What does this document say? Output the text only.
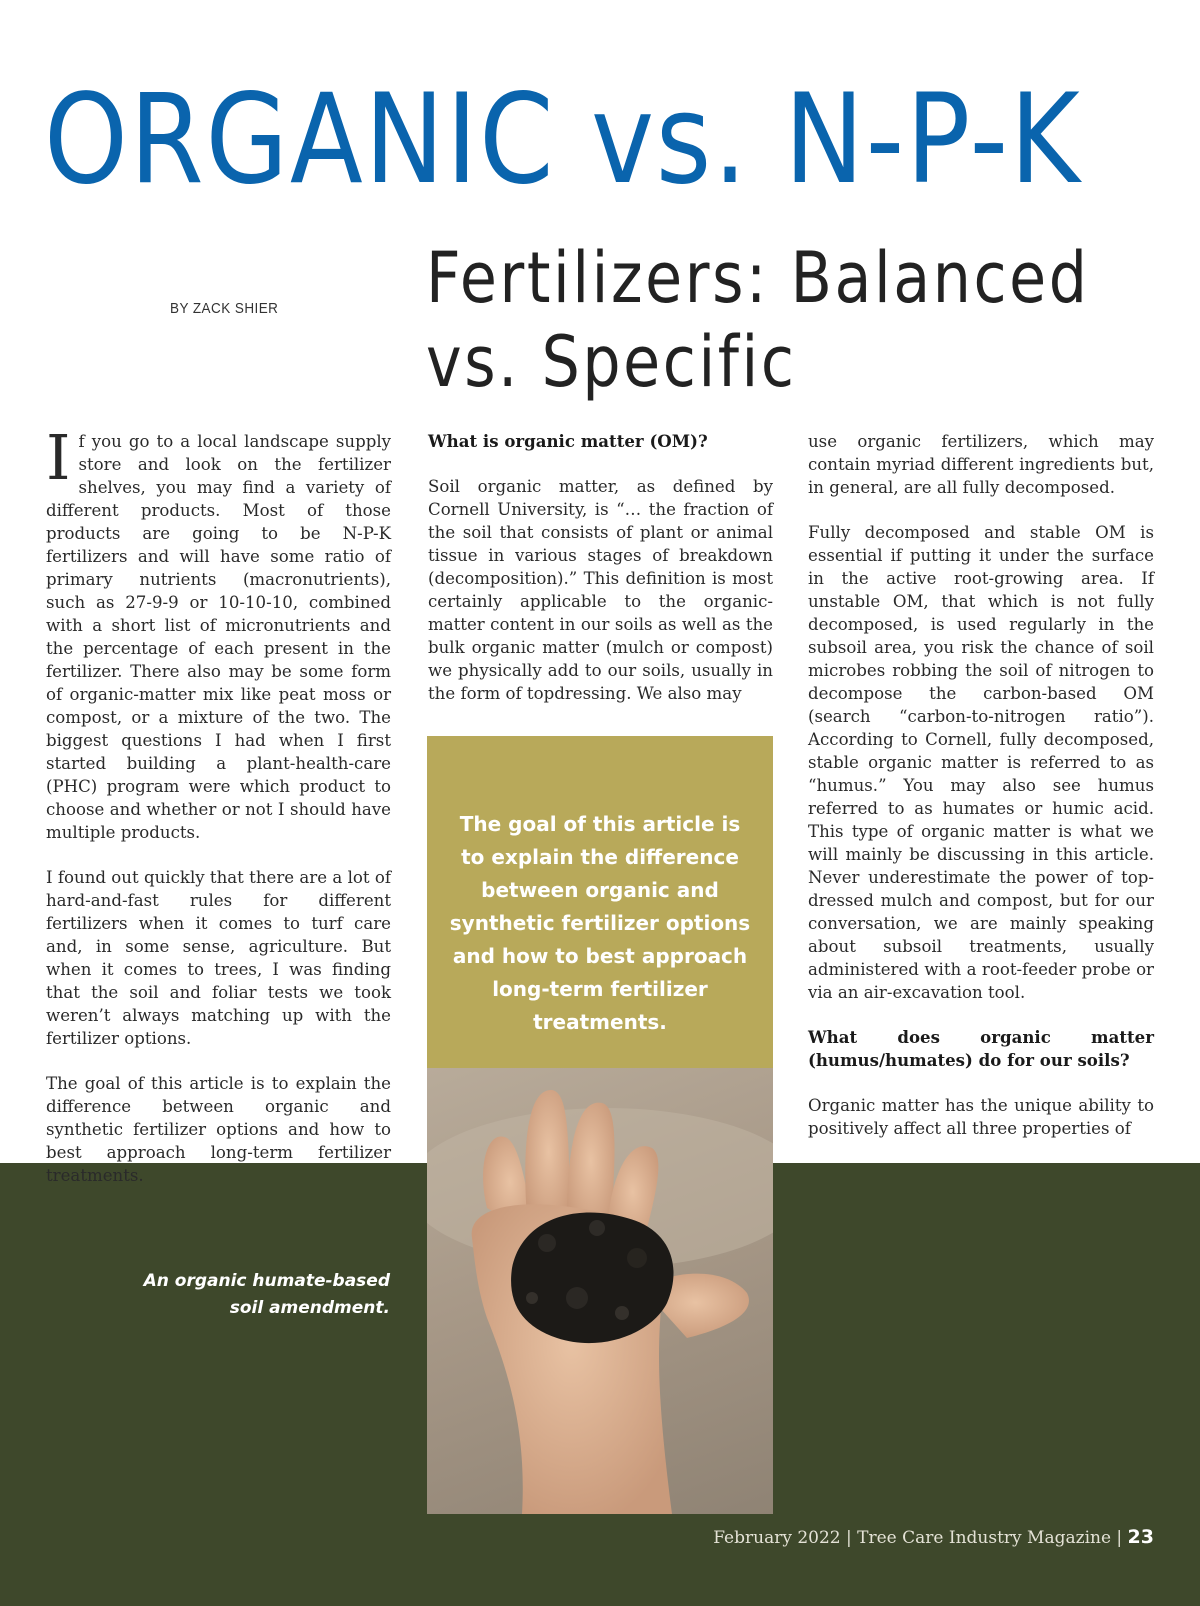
ORGANIC vs. N-P-K
Fertilizers: Balanced
vs. Specific
BY ZACK SHIER

If you go to a local landscape supply store and look on the fertilizer shelves, you may find a variety of different products. Most of those products are going to be N-P-K fertilizers and will have some ratio of primary nutrients (macronutrients), such as 27-9-9 or 10-10-10, combined with a short list of micronutrients and the percentage of each present in the fertilizer. There also may be some form of organic-matter mix like peat moss or compost, or a mixture of the two. The biggest questions I had when I first started building a plant-health-care (PHC) program were which product to choose and whether or not I should have multiple products.

I found out quickly that there are a lot of hard-and-fast rules for different fertilizers when it comes to turf care and, in some sense, agriculture. But when it comes to trees, I was finding that the soil and foliar tests we took weren’t always matching up with the fertilizer options.

The goal of this article is to explain the difference between organic and synthetic fertilizer options and how to best approach long-term fertilizer treatments.

What is organic matter (OM)?

Soil organic matter, as defined by Cornell University, is “… the fraction of the soil that consists of plant or animal tissue in various stages of breakdown (decomposition).” This definition is most certainly applicable to the organic-matter content in our soils as well as the bulk organic matter (mulch or compost) we physically add to our soils, usually in the form of topdressing. We also may

use organic fertilizers, which may contain myriad different ingredients but, in general, are all fully decomposed.

Fully decomposed and stable OM is essential if putting it under the surface in the active root-growing area. If unstable OM, that which is not fully decomposed, is used regularly in the subsoil area, you risk the chance of soil microbes robbing the soil of nitrogen to decompose the carbon-based OM (search “carbon-to-nitrogen ratio”). According to Cornell, fully decomposed, stable organic matter is referred to as “humus.” You may also see humus referred to as humates or humic acid. This type of organic matter is what we will mainly be discussing in this article. Never underestimate the power of top-dressed mulch and compost, but for our conversation, we are mainly speaking about subsoil treatments, usually administered with a root-feeder probe or via an air-excavation tool.

What does organic matter (humus/humates) do for our soils?

Organic matter has the unique ability to positively affect all three properties of

The goal of this article is to explain the difference between organic and synthetic fertilizer options and how to best approach long-term fertilizer treatments.
An organic humate-based soil amendment.
February 2022 | Tree Care Industry Magazine | 23
